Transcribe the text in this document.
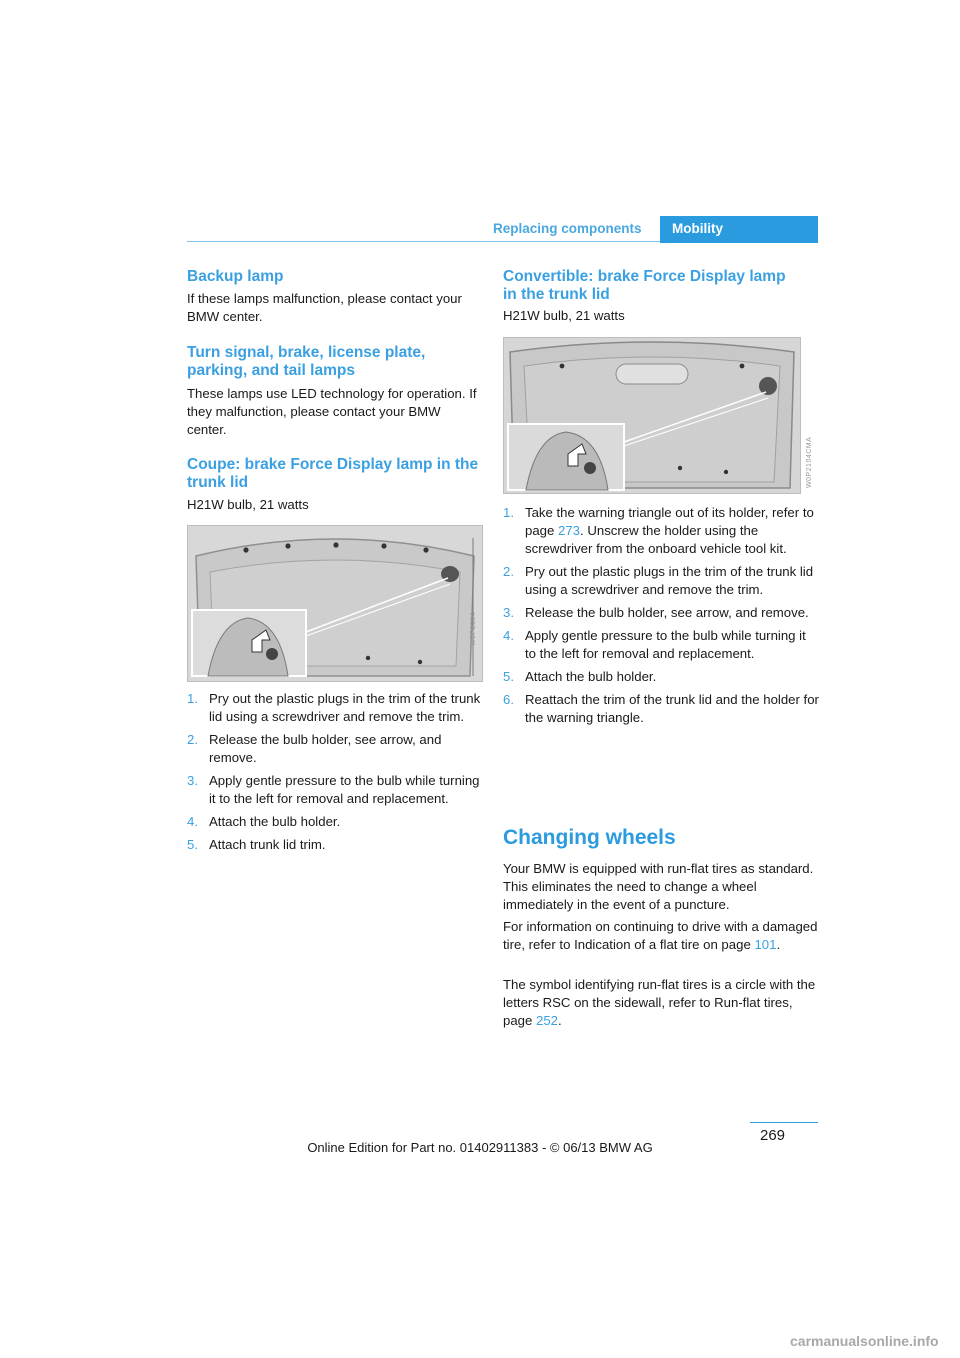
Replacing components	Mobility
Backup lamp

If these lamps malfunction, please contact your BMW center.

Turn signal, brake, license plate,
parking, and tail lamps

These lamps use LED technology for operation. If they malfunction, please contact your BMW center.

Coupe: brake Force Display lamp in the
trunk lid

H21W bulb, 21 watts

W0P2104
1. Pry out the plastic plugs in the trim of the trunk lid using a screwdriver and remove the trim.
2. Release the bulb holder, see arrow, and remove.
3. Apply gentle pressure to the bulb while turning it to the left for removal and replacement.
4. Attach the bulb holder.
5. Attach trunk lid trim.
Convertible: brake Force Display lamp
in the trunk lid

H21W bulb, 21 watts

W0P2104CMA
1. Take the warning triangle out of its holder, refer to page 273. Unscrew the holder using the screwdriver from the onboard vehicle tool kit.
2. Pry out the plastic plugs in the trim of the trunk lid using a screwdriver and remove the trim.
3. Release the bulb holder, see arrow, and remove.
4. Apply gentle pressure to the bulb while turning it to the left for removal and replacement.
5. Attach the bulb holder.
6. Reattach the trim of the trunk lid and the holder for the warning triangle.
Changing wheels

Your BMW is equipped with run-flat tires as standard. This eliminates the need to change a wheel immediately in the event of a puncture.

For information on continuing to drive with a damaged tire, refer to Indication of a flat tire on page 101.

The symbol identifying run-flat tires is a circle with the letters RSC on the sidewall, refer to Run-flat tires, page 252.

269
Online Edition for Part no. 01402911383 - © 06/13 BMW AG
carmanualsonline.info
